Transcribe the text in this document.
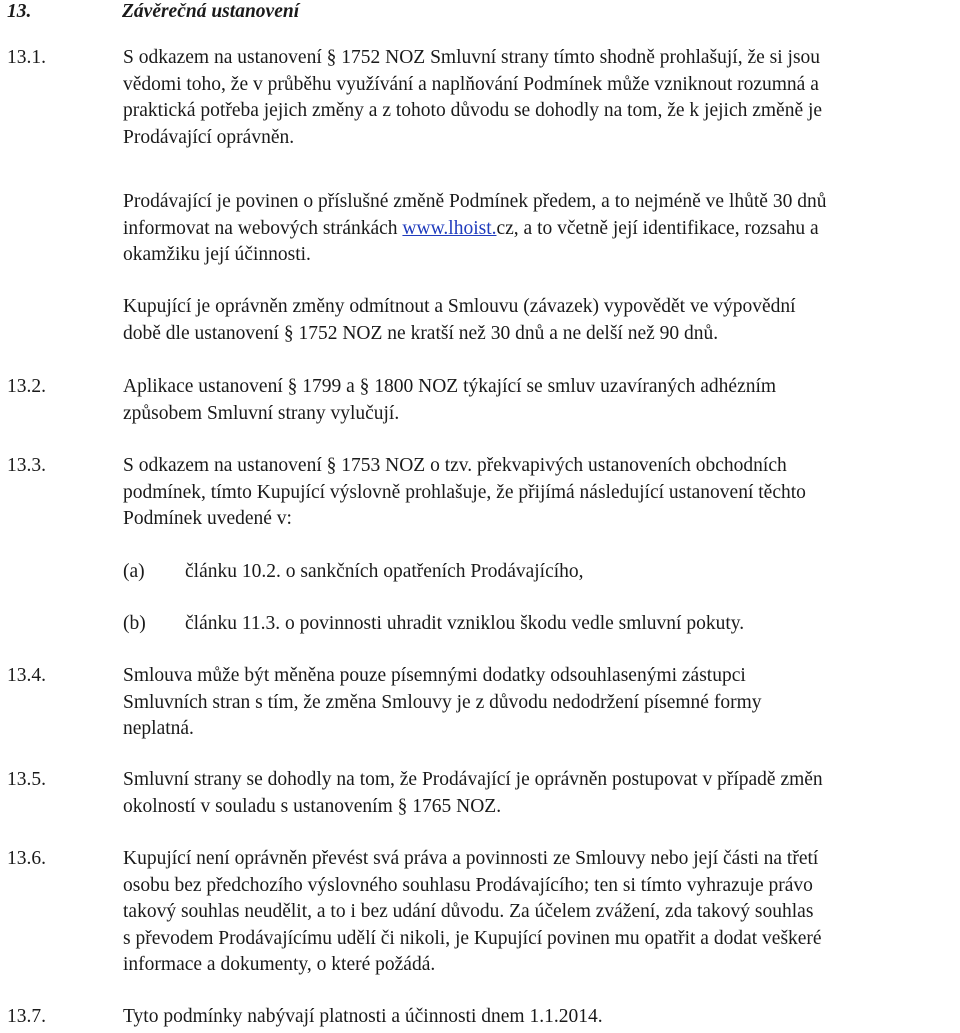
13.	Závěrečná ustanovení
13.1.	S odkazem na ustanovení § 1752 NOZ Smluvní strany tímto shodně prohlašují, že si jsou
vědomi toho, že v průběhu využívání a naplňování Podmínek může vzniknout rozumná a
praktická potřeba jejich změny a z tohoto důvodu se dohodly na tom, že k jejich změně je
Prodávající oprávněn.
Prodávající je povinen o příslušné změně Podmínek předem, a to nejméně ve lhůtě 30 dnů
informovat na webových stránkách www.lhoist.cz, a to včetně její identifikace, rozsahu a
okamžiku její účinnosti.
Kupující je oprávněn změny odmítnout a Smlouvu (závazek) vypovědět ve výpovědní
době dle ustanovení § 1752 NOZ ne kratší než 30 dnů a ne delší než 90 dnů.
13.2.	Aplikace ustanovení § 1799 a § 1800 NOZ týkající se smluv uzavíraných adhézním
způsobem Smluvní strany vylučují.
13.3.	S odkazem na ustanovení § 1753 NOZ o tzv. překvapivých ustanoveních obchodních
podmínek, tímto Kupující výslovně prohlašuje, že přijímá následující ustanovení těchto
Podmínek uvedené v:
(a) článku 10.2. o sankčních opatřeních Prodávajícího,
(b) článku 11.3. o povinnosti uhradit vzniklou škodu vedle smluvní pokuty.
13.4.	Smlouva může být měněna pouze písemnými dodatky odsouhlasenými zástupci
Smluvních stran s tím, že změna Smlouvy je z důvodu nedodržení písemné formy
neplatná.
13.5.	Smluvní strany se dohodly na tom, že Prodávající je oprávněn postupovat v případě změn
okolností v souladu s ustanovením § 1765 NOZ.
13.6.	Kupující není oprávněn převést svá práva a povinnosti ze Smlouvy nebo její části na třetí
osobu bez předchozího výslovného souhlasu Prodávajícího; ten si tímto vyhrazuje právo
takový souhlas neudělit, a to i bez udání důvodu. Za účelem zvážení, zda takový souhlas
s převodem Prodávajícímu udělí či nikoli, je Kupující povinen mu opatřit a dodat veškeré
informace a dokumenty, o které požádá.
13.7.	Tyto podmínky nabývají platnosti a účinnosti dnem 1.1.2014.
